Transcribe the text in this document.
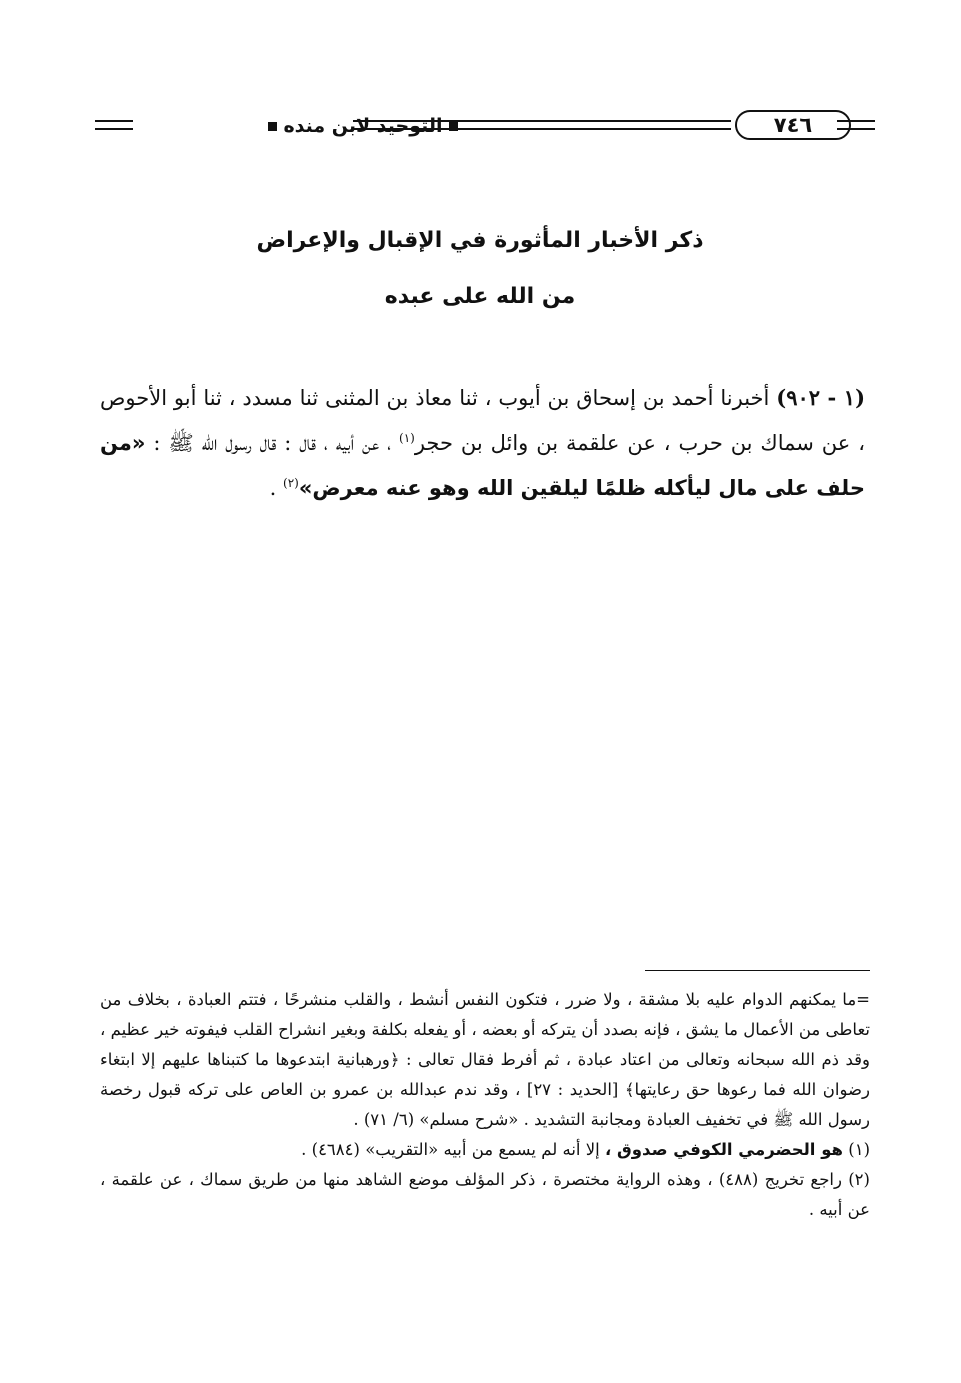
التوحيد لابن منده	٧٤٦
ذكر الأخبار المأثورة في الإقبال والإعراض
من الله على عبده
(١ - ٩٠٢) أخبرنا أحمد بن إسحاق بن أيوب ، ثنا معاذ بن المثنى ثنا مسدد ، ثنا أبو الأحوص ، عن سماك بن حرب ، عن علقمة بن وائل بن حجر$^{(١)}$ ، عن أبيه ، قال : قال رسول الله ﷺ : «من حلف على مال ليأكله ظلمًا ليلقين الله وهو عنه معرض»$^{(٢)}$ .
=ما يمكنهم الدوام عليه بلا مشقة ، ولا ضرر ، فتكون النفس أنشط ، والقلب منشرحًا ، فتتم العبادة ، بخلاف من تعاطى من الأعمال ما يشق ، فإنه بصدد أن يتركه أو بعضه ، أو يفعله بكلفة وبغير انشراح القلب فيفوته خير عظيم ، وقد ذم الله سبحانه وتعالى من اعتاد عبادة ، ثم أفرط فقال تعالى : ﴿ورهبانية ابتدعوها ما كتبناها عليهم إلا ابتغاء رضوان الله فما رعوها حق رعايتها﴾ [الحديد : ٢٧] ، وقد ندم عبدالله بن عمرو بن العاص على تركه قبول رخصة رسول الله ﷺ في تخفيف العبادة ومجانبة التشديد . «شرح مسلم» (٦/ ٧١) .
(١) هو الحضرمي الكوفي صدوق ، إلا أنه لم يسمع من أبيه «التقريب» (٤٦٨٤) .
(٢) راجع تخريج (٤٨٨) ، وهذه الرواية مختصرة ، ذكر المؤلف موضع الشاهد منها من طريق سماك ، عن علقمة ، عن أبيه .
